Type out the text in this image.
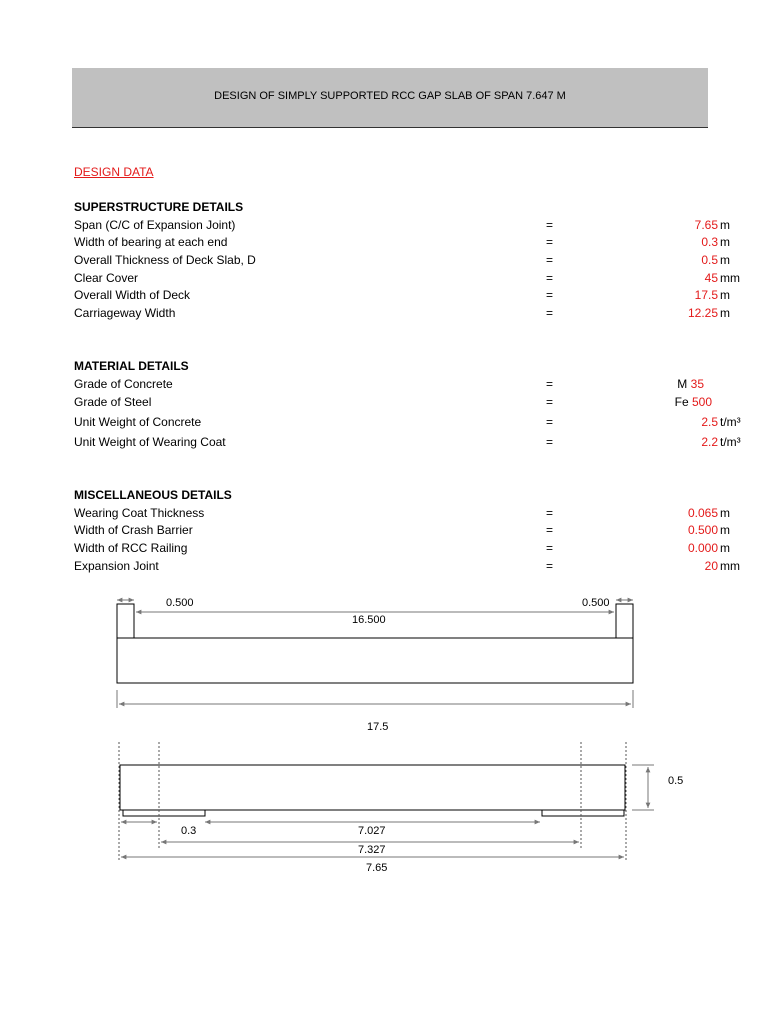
DESIGN OF SIMPLY SUPPORTED RCC GAP SLAB OF SPAN 7.647 M
DESIGN DATA
SUPERSTRUCTURE DETAILS
Span (C/C of Expansion Joint)	=	7.65 m
Width of bearing at each end	=	0.3 m
Overall Thickness of Deck Slab, D	=	0.5 m
Clear Cover	=	45 mm
Overall Width of Deck	=	17.5 m
Carriageway Width	=	12.25 m
MATERIAL DETAILS
Grade of Concrete	=	M 35
Grade of Steel	=	Fe 500
Unit Weight of Concrete	=	2.5 t/m³
Unit Weight of Wearing Coat	=	2.2 t/m³
MISCELLANEOUS DETAILS
Wearing Coat Thickness	=	0.065 m
Width of Crash Barrier	=	0.500 m
Width of RCC Railing	=	0.000 m
Expansion Joint	=	20 mm
0.500	0.500
16.500
17.5
0.5
0.3	7.027
7.327
7.65
